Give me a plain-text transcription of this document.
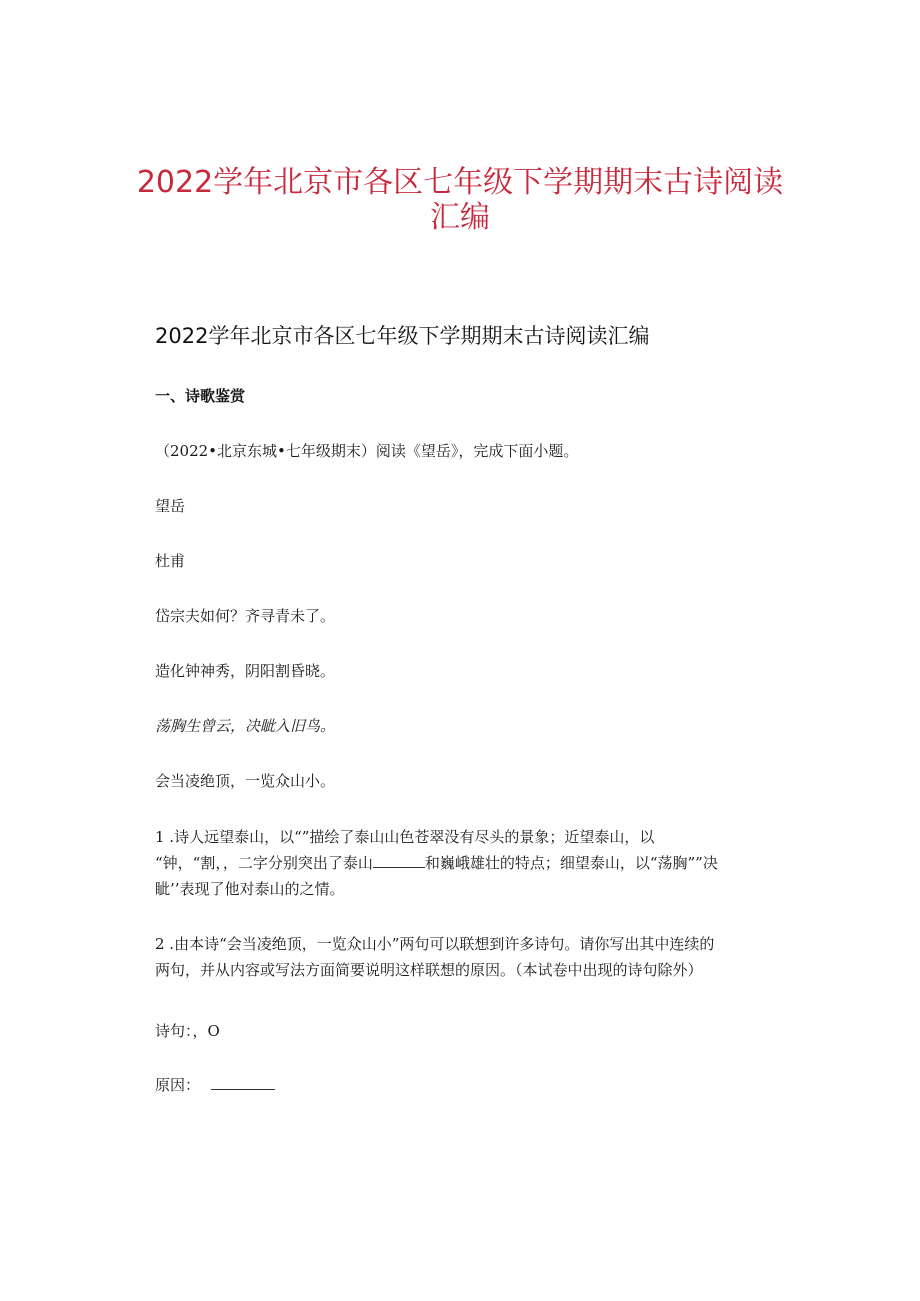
2022学年北京市各区七年级下学期期末古诗阅读
汇编
2022学年北京市各区七年级下学期期末古诗阅读汇编
一、诗歌鉴赏
（2022•北京东城•七年级期末）阅读《望岳》，完成下面小题。
望岳
杜甫
岱宗夫如何？齐寻青未了。
造化钟神秀，阴阳割昏晓。
荡胸生曾云，决眦入旧鸟。
会当凌绝顶，一览众山小。
1 .诗人远望泰山，以“”描绘了泰山山色苍翠没有尽头的景象；近望泰山，以
“钟，“割，，二字分别突出了泰山	和巍峨雄壮的特点；细望泰山，以“荡胸””决
眦’’表现了他对泰山的之情。
2 .由本诗“会当凌绝顶，一览众山小”两句可以联想到许多诗句。请你写出其中连续的
两句，并从内容或写法方面简要说明这样联想的原因。（本试卷中出现的诗句除外）
诗句：，O
原因：
